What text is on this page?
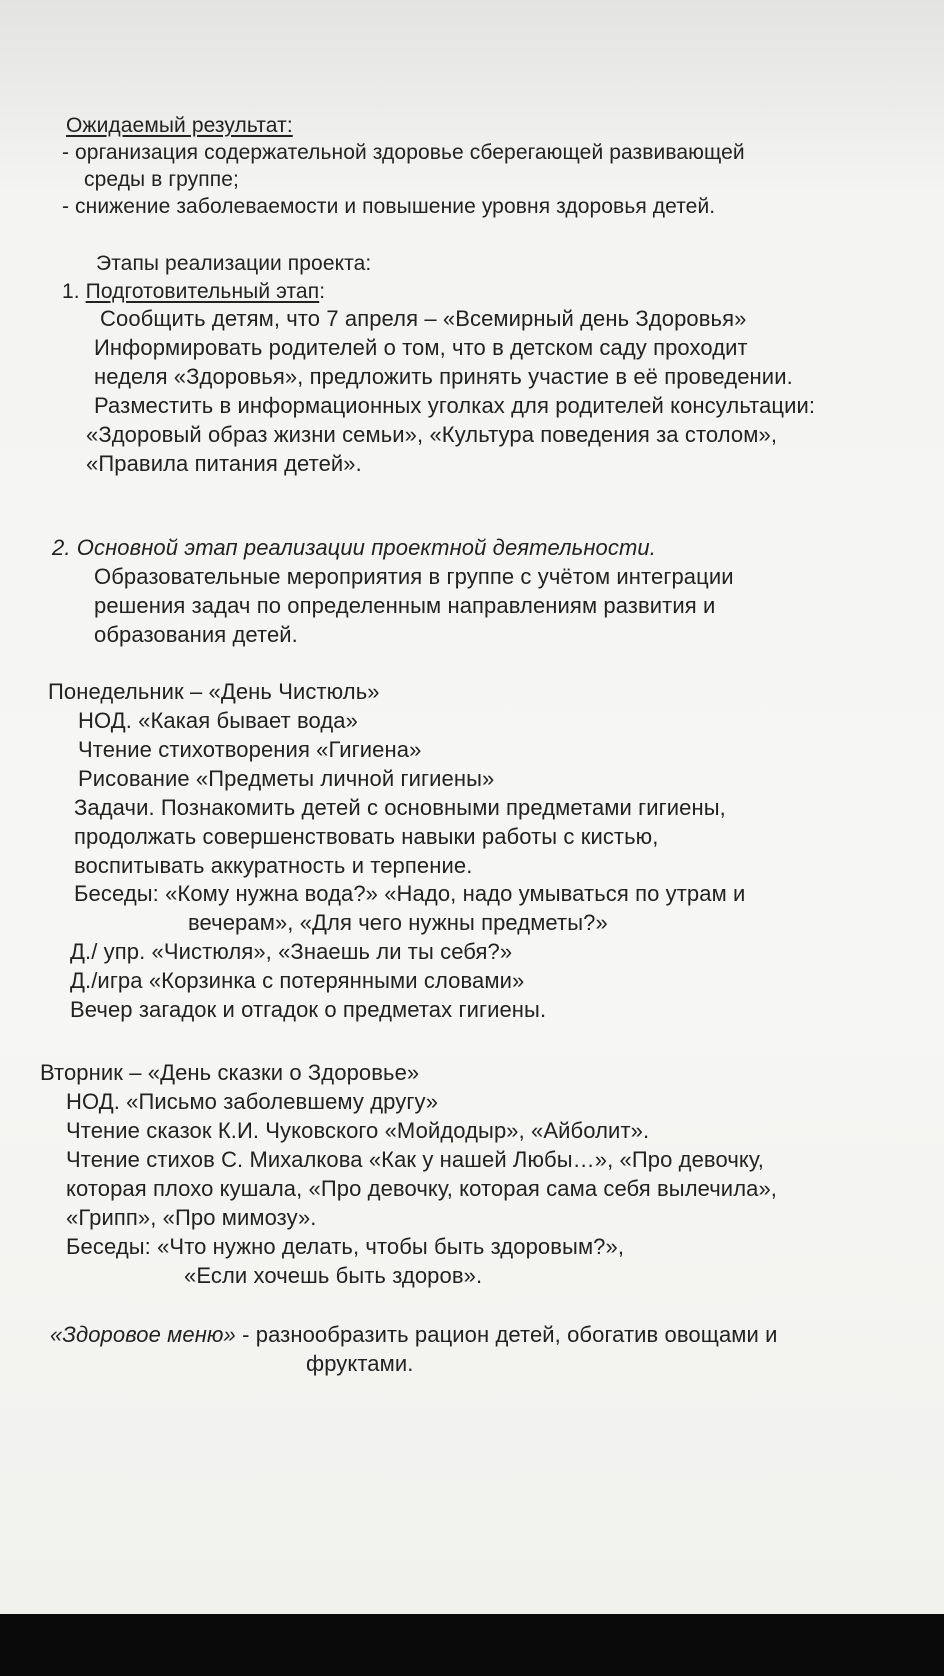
Ожидаемый результат:
- организация содержательной здоровье сберегающей развивающей
среды в группе;
- снижение заболеваемости и повышение уровня здоровья детей.
Этапы реализации проекта:
1. Подготовительный этап:
Сообщить детям, что 7 апреля – «Всемирный день Здоровья»
Информировать родителей о том, что в детском саду проходит
неделя «Здоровья», предложить принять участие в её проведении.
Разместить в информационных уголках для родителей консультации:
«Здоровый образ жизни семьи», «Культура поведения за столом»,
«Правила питания детей».
2. Основной этап реализации проектной деятельности.
Образовательные мероприятия в группе с учётом интеграции
решения задач по определенным направлениям развития и
образования детей.
Понедельник – «День Чистюль»
НОД. «Какая бывает вода»
Чтение стихотворения «Гигиена»
Рисование «Предметы личной гигиены»
Задачи. Познакомить детей с основными предметами гигиены,
продолжать совершенствовать навыки работы с кистью,
воспитывать аккуратность и терпение.
Беседы: «Кому нужна вода?» «Надо, надо умываться по утрам и
вечерам», «Для чего нужны предметы?»
Д./ упр. «Чистюля», «Знаешь ли ты себя?»
Д./игра «Корзинка с потерянными словами»
Вечер загадок и отгадок о предметах гигиены.
Вторник – «День сказки о Здоровье»
НОД. «Письмо заболевшему другу»
Чтение сказок К.И. Чуковского «Мойдодыр», «Айболит».
Чтение стихов С. Михалкова «Как у нашей Любы…», «Про девочку,
которая плохо кушала, «Про девочку, которая сама себя вылечила»,
«Грипп», «Про мимозу».
Беседы: «Что нужно делать, чтобы быть здоровым?»,
«Если хочешь быть здоров».
«Здоровое меню» - разнообразить рацион детей, обогатив овощами и
фруктами.
